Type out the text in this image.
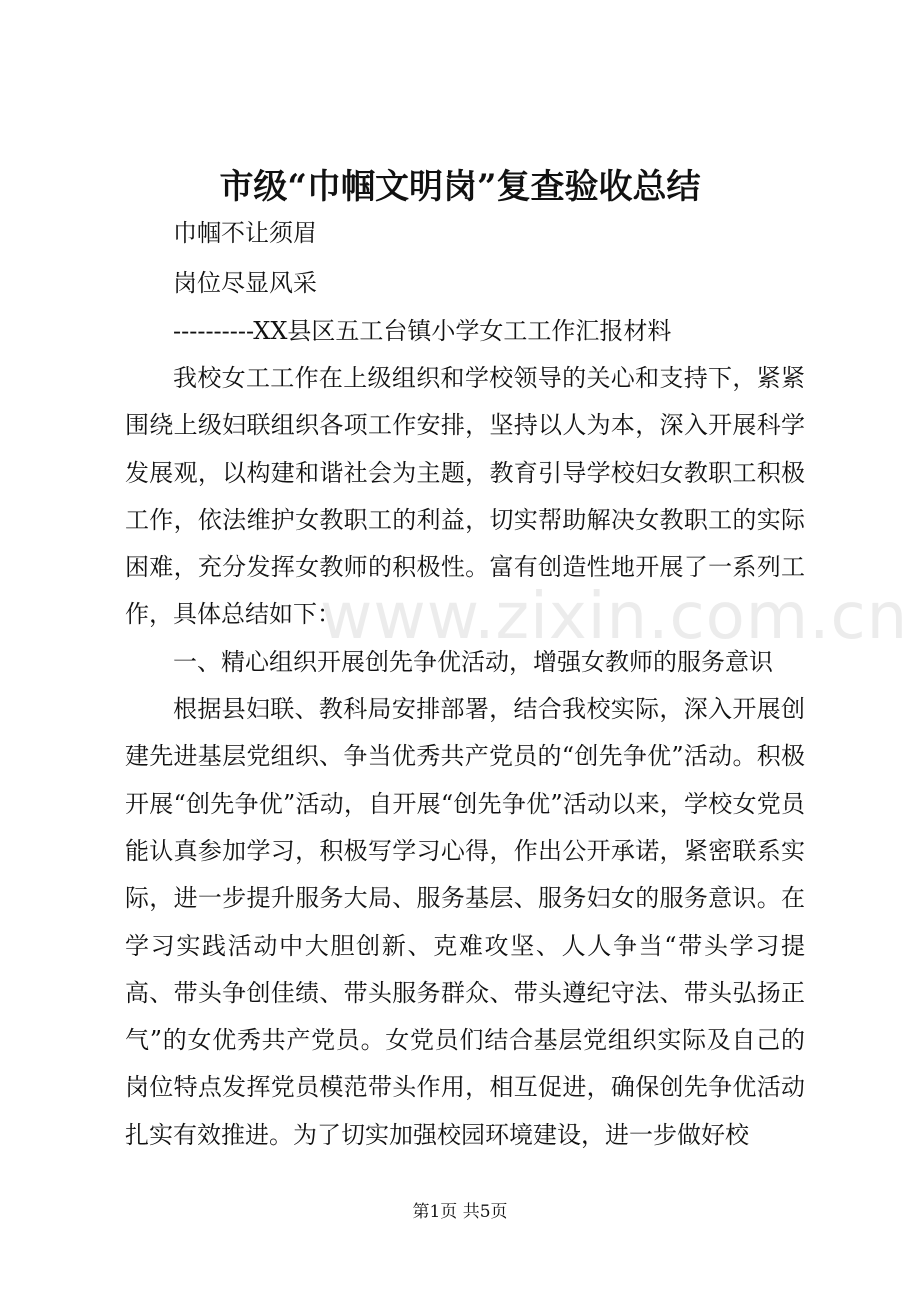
市级“巾帼文明岗”复查验收总结

巾帼不让须眉

岗位尽显风采

----------XX县区五工台镇小学女工工作汇报材料

我校女工工作在上级组织和学校领导的关心和支持下，紧紧围绕上级妇联组织各项工作安排，坚持以人为本，深入开展科学发展观，以构建和谐社会为主题，教育引导学校妇女教职工积极工作，依法维护女教职工的利益，切实帮助解决女教职工的实际困难，充分发挥女教师的积极性。富有创造性地开展了一系列工作，具体总结如下：

一、精心组织开展创先争优活动，增强女教师的服务意识

根据县妇联、教科局安排部署，结合我校实际，深入开展创建先进基层党组织、争当优秀共产党员的“创先争优”活动。积极开展“创先争优”活动，自开展“创先争优”活动以来，学校女党员能认真参加学习，积极写学习心得，作出公开承诺，紧密联系实际，进一步提升服务大局、服务基层、服务妇女的服务意识。在学习实践活动中大胆创新、克难攻坚、人人争当“带头学习提高、带头争创佳绩、带头服务群众、带头遵纪守法、带头弘扬正气”的女优秀共产党员。女党员们结合基层党组织实际及自己的岗位特点发挥党员模范带头作用，相互促进，确保创先争优活动扎实有效推进。为了切实加强校园环境建设，进一步做好校

www.zixin.com.cn
第1页 共5页
